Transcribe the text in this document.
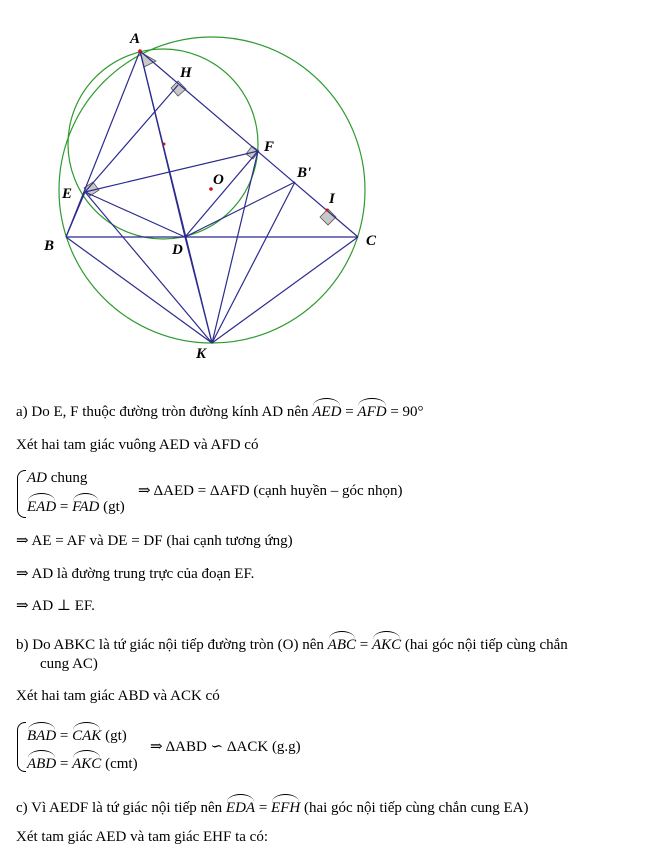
A
H
F
B'
O
I
E
B	D
C
K
a) Do E, F thuộc đường tròn đường kính AD nên AED = AFD = 90°
Xét hai tam giác vuông AED và AFD có
AD chung
EAD = FAD (gt)
⇒ ΔAED = ΔAFD (cạnh huyền – góc nhọn)
⇒ AE = AF và DE = DF (hai cạnh tương ứng)
⇒ AD là đường trung trực của đoạn EF.
⇒ AD ⊥ EF.
b) Do ABKC là tứ giác nội tiếp đường tròn (O) nên ABC = AKC (hai góc nội tiếp cùng chắn
cung AC)
Xét hai tam giác ABD và ACK có
BAD = CAK (gt)
ABD = AKC (cmt)
⇒ ΔABD ∽ ΔACK (g.g)
c) Vì AEDF là tứ giác nội tiếp nên EDA = EFH (hai góc nội tiếp cùng chắn cung EA)
Xét tam giác AED và tam giác EHF ta có:
